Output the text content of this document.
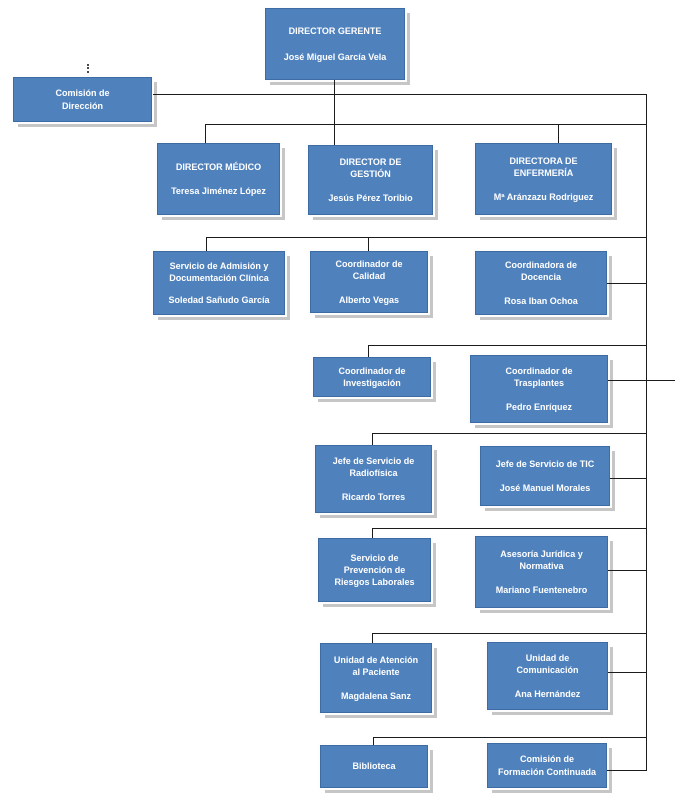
DIRECTOR GERENTE
José Miguel García Vela
Comisión de Dirección
DIRECTOR MÉDICO
Teresa Jiménez López
DIRECTOR DE GESTIÓN
Jesús Pérez Toribio
DIRECTORA DE ENFERMERÍA
Mª Aránzazu Rodriguez
Servicio de Admisión y Documentación Clínica
Soledad Sañudo García
Coordinador de Calidad
Alberto Vegas
Coordinadora de Docencia
Rosa Iban Ochoa
Coordinador de Investigación
Coordinador de Trasplantes
Pedro Enríquez
Jefe de Servicio de Radiofísica
Ricardo Torres
Jefe de Servicio de TIC
José Manuel Morales
Servicio de Prevención de Riesgos Laborales
Asesoría Jurídica y Normativa
Mariano Fuentenebro
Unidad de Atención al Paciente
Magdalena Sanz
Unidad de Comunicación
Ana Hernández
Biblioteca
Comisión de Formación Continuada
